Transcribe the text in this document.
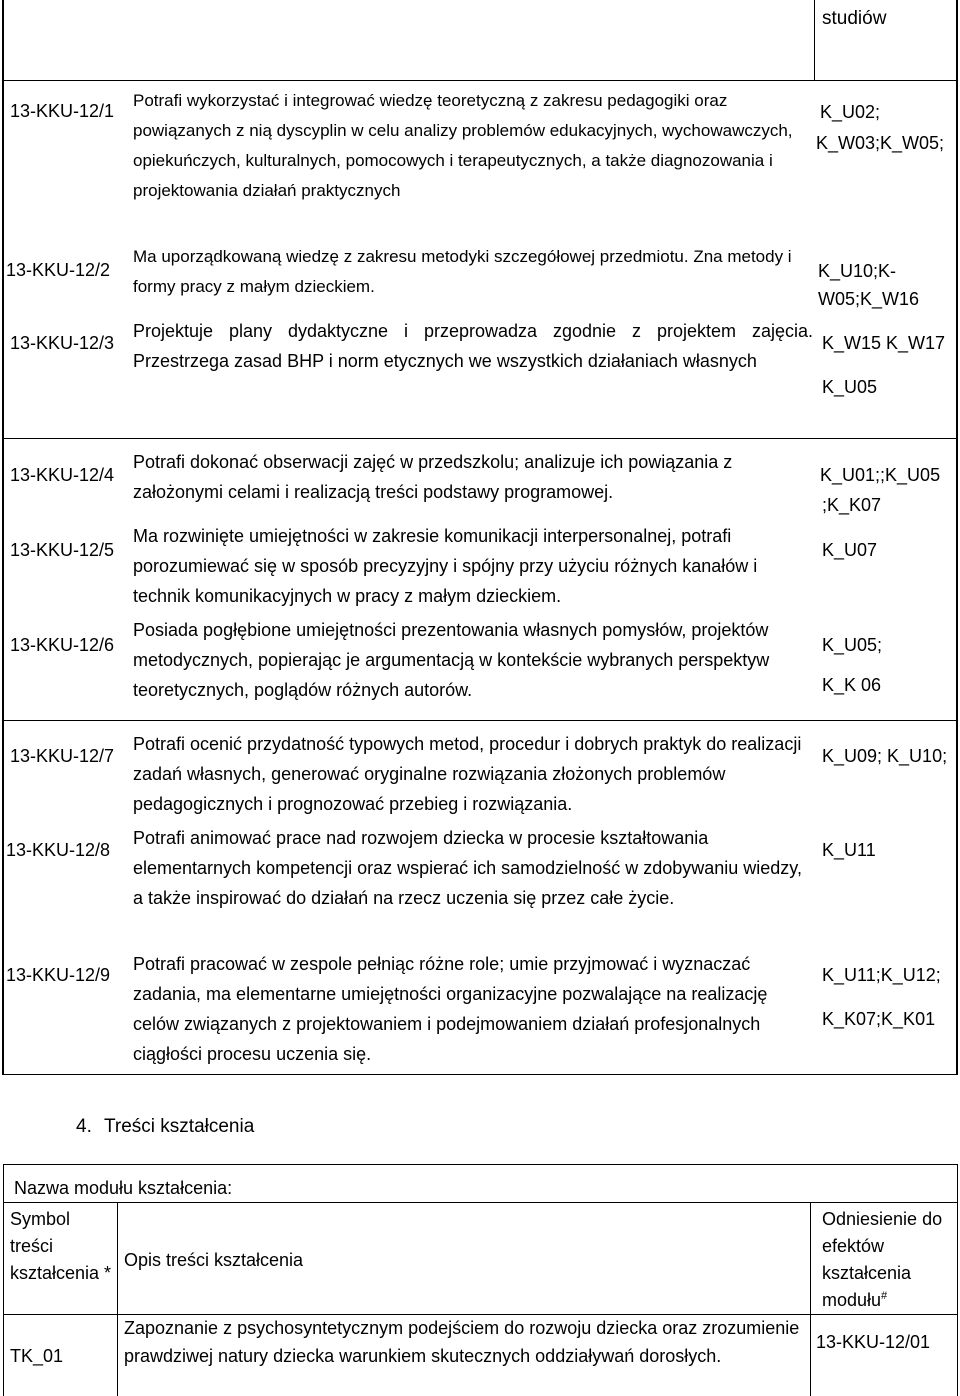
studiów
13-KKU-12/1
Potrafi wykorzystać i integrować wiedzę teoretyczną z zakresu pedagogiki oraz powiązanych z nią dyscyplin w celu analizy problemów edukacyjnych, wychowawczych, opiekuńczych, kulturalnych, pomocowych i terapeutycznych, a także diagnozowania i projektowania działań praktycznych
K_U02;
K_W03;K_W05;
13-KKU-12/2
Ma uporządkowaną wiedzę z zakresu metodyki szczegółowej przedmiotu. Zna metody i formy pracy z małym dzieckiem.
K_U10;K-
W05;K_W16
13-KKU-12/3
Projektuje plany dydaktyczne i przeprowadza zgodnie z projektem zajęcia. Przestrzega zasad BHP i norm etycznych we wszystkich działaniach własnych
K_W15 K_W17
K_U05
13-KKU-12/4
Potrafi dokonać obserwacji zajęć w przedszkolu; analizuje ich powiązania z założonymi celami i realizacją treści podstawy programowej.
K_U01;;K_U05
;K_K07
13-KKU-12/5
Ma rozwinięte umiejętności w zakresie komunikacji interpersonalnej, potrafi porozumiewać się w sposób precyzyjny i spójny przy użyciu różnych kanałów i technik komunikacyjnych w pracy z małym dzieckiem.
K_U07
13-KKU-12/6
Posiada pogłębione umiejętności prezentowania własnych pomysłów, projektów metodycznych, popierając je argumentacją w kontekście wybranych perspektyw teoretycznych, poglądów różnych autorów.
K_U05;
K_K 06
13-KKU-12/7
Potrafi ocenić przydatność typowych metod, procedur i dobrych praktyk do realizacji zadań własnych, generować oryginalne rozwiązania złożonych problemów pedagogicznych i prognozować przebieg i rozwiązania.
K_U09; K_U10;
13-KKU-12/8
Potrafi animować prace nad rozwojem dziecka w procesie kształtowania elementarnych kompetencji oraz wspierać ich samodzielność w zdobywaniu wiedzy, a także inspirować do działań na rzecz uczenia się przez całe życie.
K_U11
13-KKU-12/9
Potrafi pracować w zespole pełniąc różne role; umie przyjmować i wyznaczać zadania, ma elementarne umiejętności organizacyjne pozwalające na realizację celów związanych z projektowaniem i podejmowaniem działań profesjonalnych ciągłości procesu uczenia się.
K_U11;K_U12;
K_K07;K_K01
4. Treści kształcenia
Nazwa modułu kształcenia:
Symbol treści kształcenia *
Opis treści kształcenia
Odniesienie do efektów kształcenia modułu#
TK_01
Zapoznanie z psychosyntetycznym podejściem do rozwoju dziecka oraz zrozumienie prawdziwej natury dziecka warunkiem skutecznych oddziaływań dorosłych.
13-KKU-12/01
